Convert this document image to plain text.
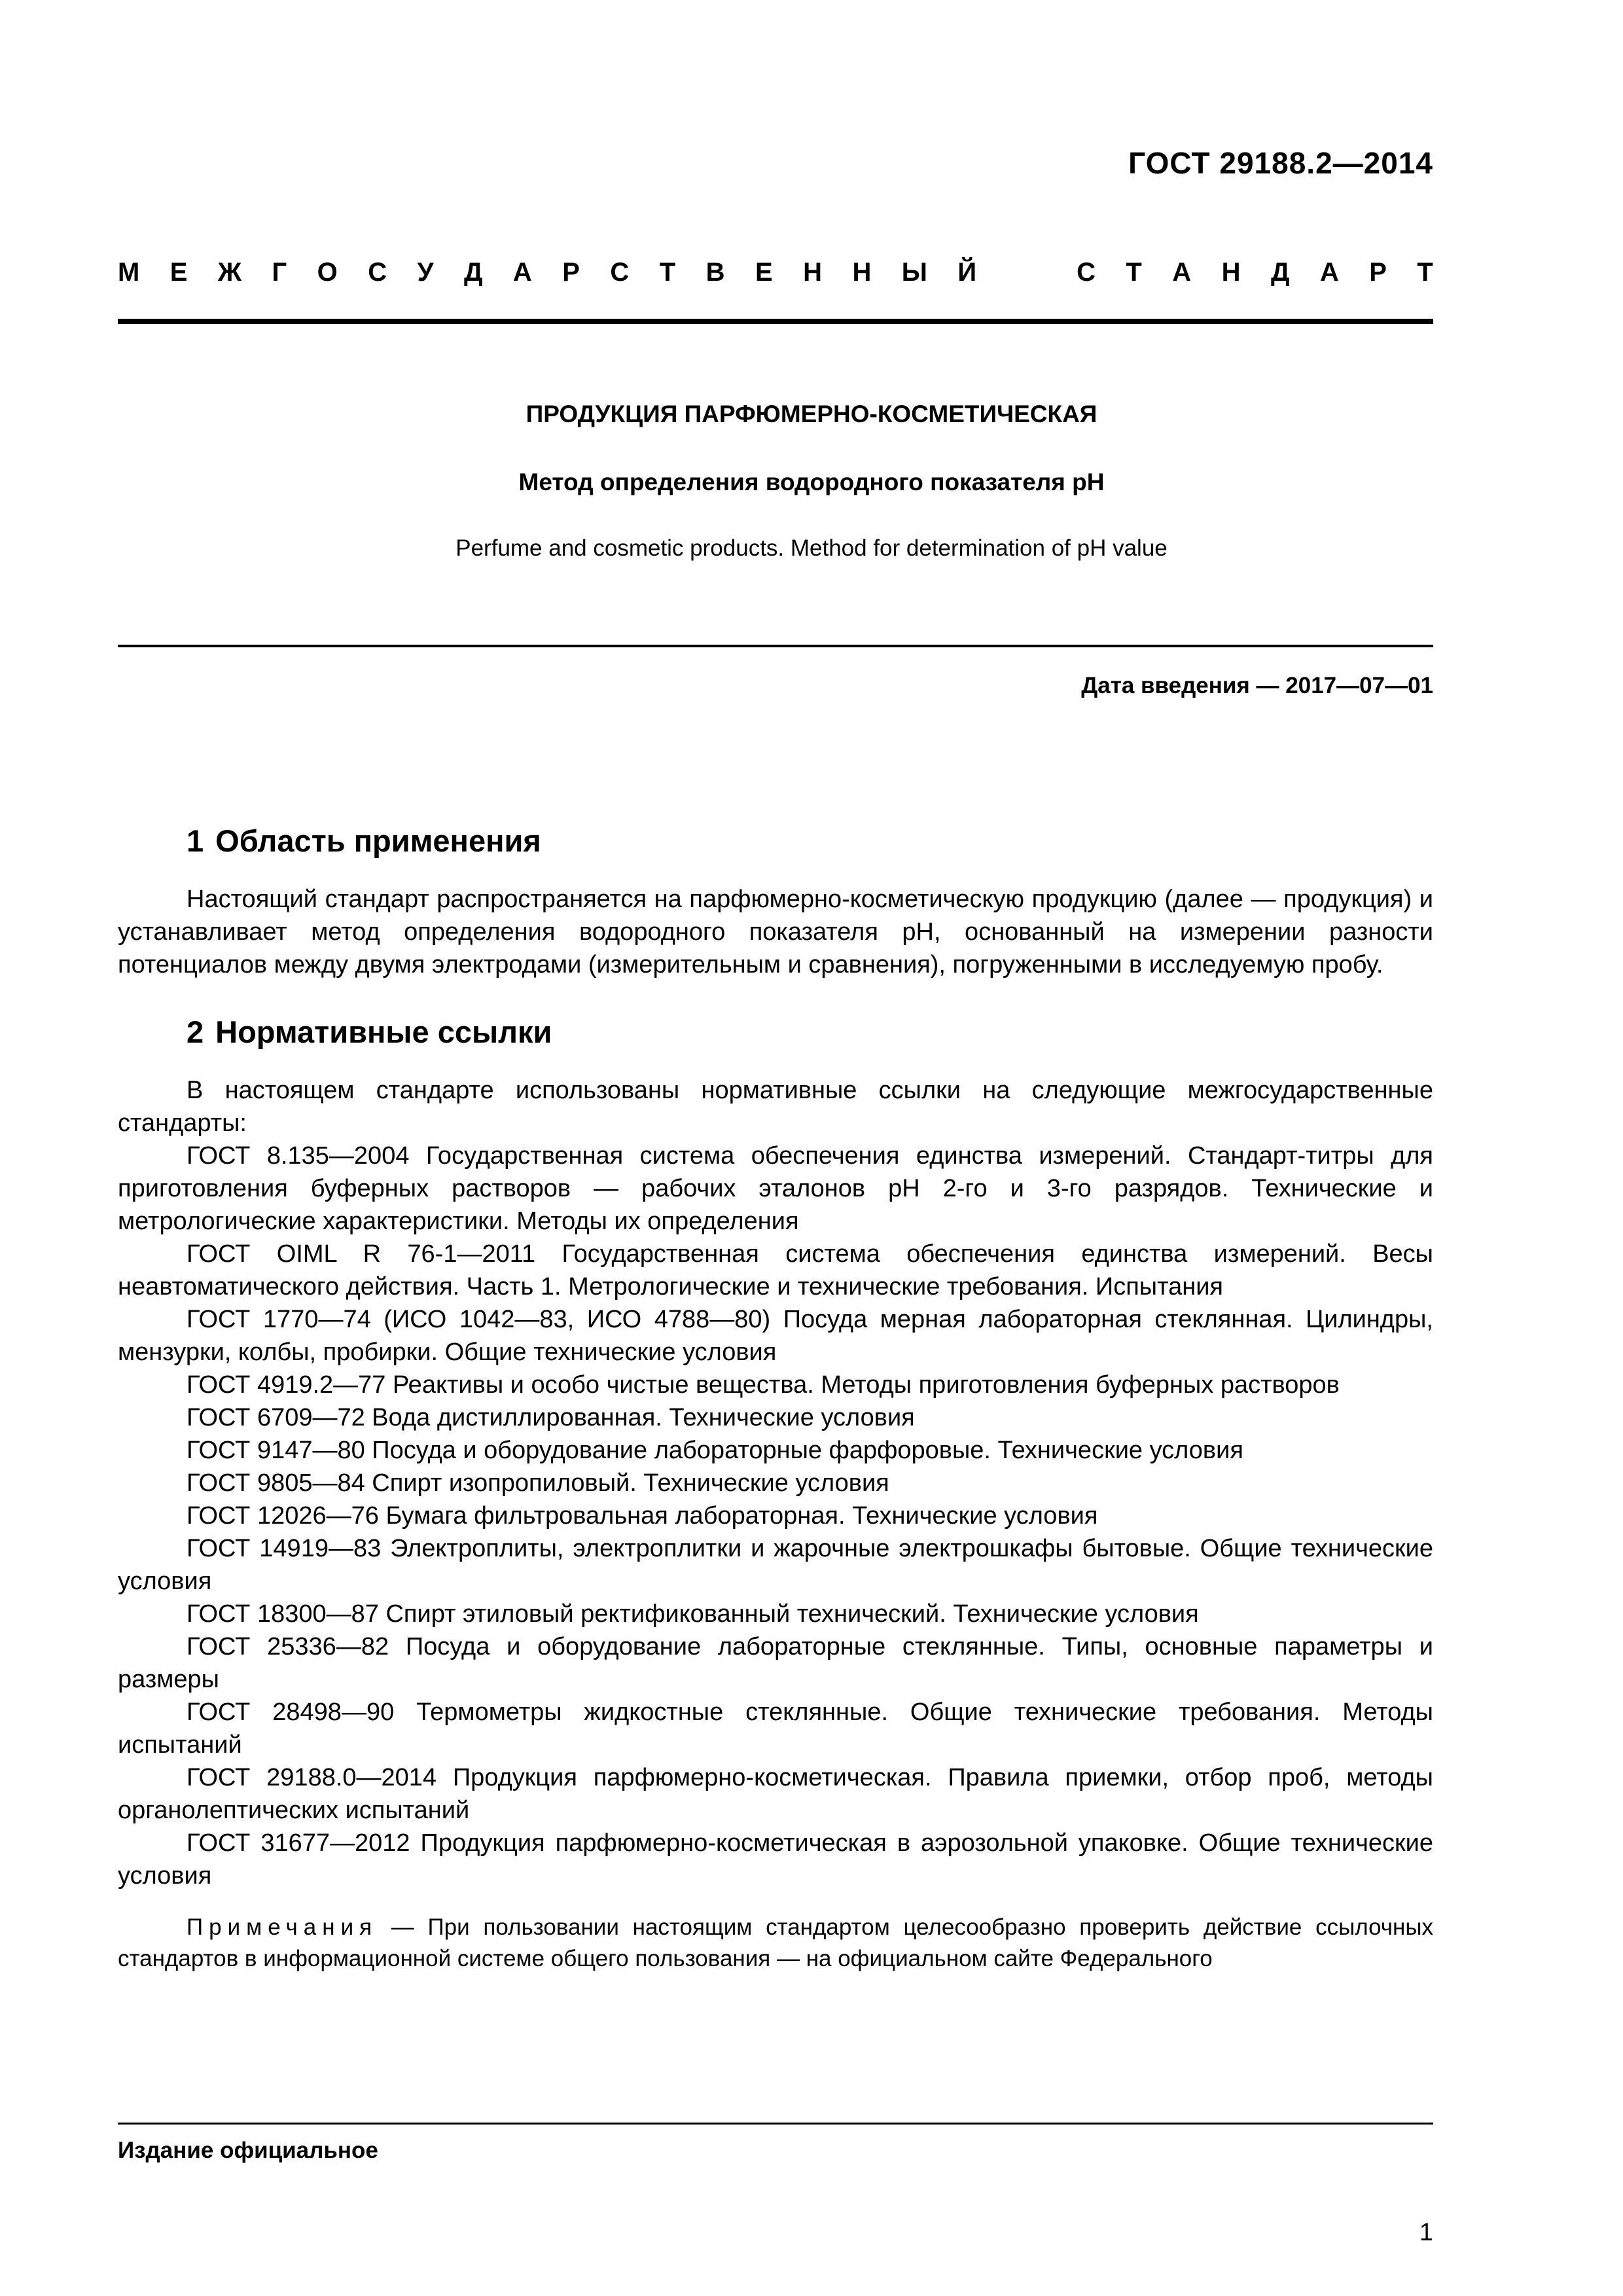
ГОСТ 29188.2—2014
М Е Ж Г О С У Д А Р С Т В Е Н Н Ы Й	С Т А Н Д А Р Т
ПРОДУКЦИЯ ПАРФЮМЕРНО-КОСМЕТИЧЕСКАЯ
Метод определения водородного показателя pH
Perfume and cosmetic products. Method for determination of pH value
Дата введения — 2017—07—01
1 Область применения

Настоящий стандарт распространяется на парфюмерно-косметическую продукцию (далее — продукция) и устанавливает метод определения водородного показателя pH, основанный на измерении разности потенциалов между двумя электродами (измерительным и сравнения), погруженными в исследуемую пробу.

2 Нормативные ссылки

В настоящем стандарте использованы нормативные ссылки на следующие межгосударственные стандарты:

ГОСТ 8.135—2004 Государственная система обеспечения единства измерений. Стандарт-титры для приготовления буферных растворов — рабочих эталонов pH 2-го и 3-го разрядов. Технические и метрологические характеристики. Методы их определения
ГОСТ OIML R 76-1—2011 Государственная система обеспечения единства измерений. Весы неавтоматического действия. Часть 1. Метрологические и технические требования. Испытания
ГОСТ 1770—74 (ИСО 1042—83, ИСО 4788—80) Посуда мерная лабораторная стеклянная. Цилиндры, мензурки, колбы, пробирки. Общие технические условия
ГОСТ 4919.2—77 Реактивы и особо чистые вещества. Методы приготовления буферных растворов
ГОСТ 6709—72 Вода дистиллированная. Технические условия
ГОСТ 9147—80 Посуда и оборудование лабораторные фарфоровые. Технические условия
ГОСТ 9805—84 Спирт изопропиловый. Технические условия
ГОСТ 12026—76 Бумага фильтровальная лабораторная. Технические условия
ГОСТ 14919—83 Электроплиты, электроплитки и жарочные электрошкафы бытовые. Общие технические условия
ГОСТ 18300—87 Спирт этиловый ректификованный технический. Технические условия
ГОСТ 25336—82 Посуда и оборудование лабораторные стеклянные. Типы, основные параметры и размеры
ГОСТ 28498—90 Термометры жидкостные стеклянные. Общие технические требования. Методы испытаний
ГОСТ 29188.0—2014 Продукция парфюмерно-косметическая. Правила приемки, отбор проб, методы органолептических испытаний
ГОСТ 31677—2012 Продукция парфюмерно-косметическая в аэрозольной упаковке. Общие технические условия

Примечания — При пользовании настоящим стандартом целесообразно проверить действие ссылочных стандартов в информационной системе общего пользования — на официальном сайте Федерального

Издание официальное
1
